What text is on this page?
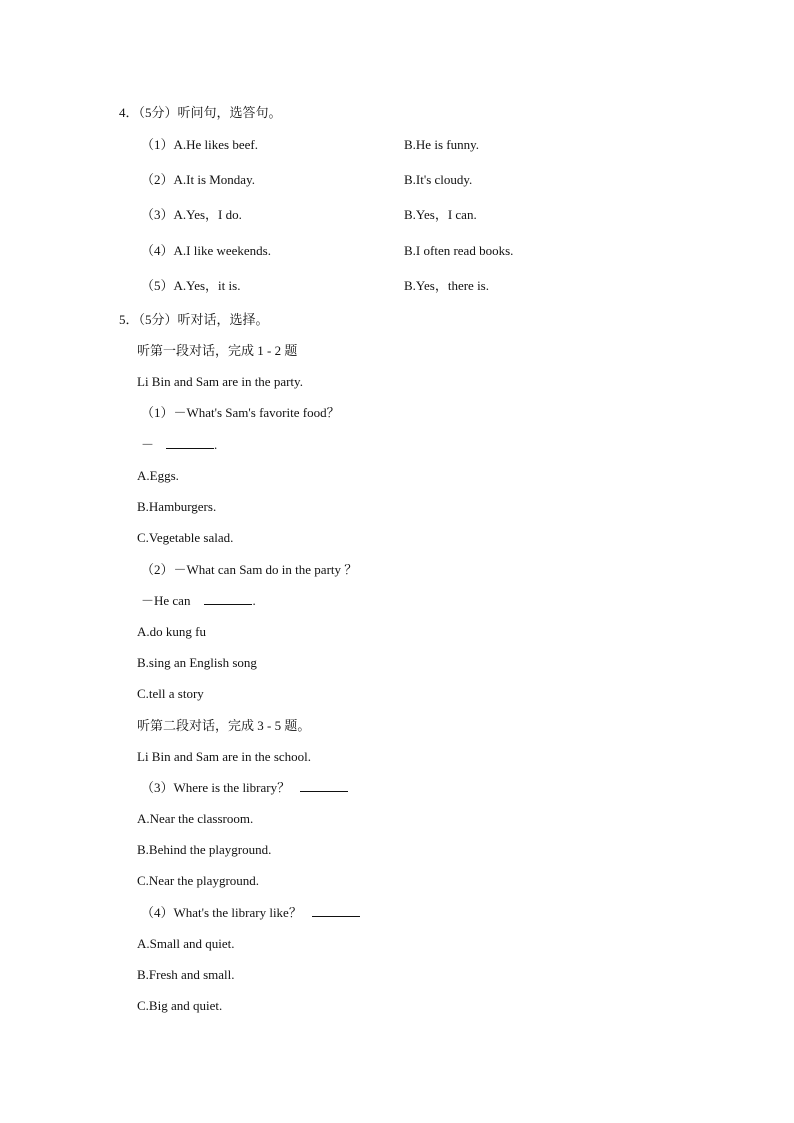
4．（5分）听问句，选答句。
（1）A.He likes beef.	B.He is funny.
（2）A.It is Monday.	B.It's cloudy.
（3）A.Yes，I do.	B.Yes，I can.
（4）A.I like weekends.	B.I often read books.
（5）A.Yes，it is.	B.Yes，there is.
5．（5分）听对话，选择。
听第一段对话，完成 1 - 2 题
Li Bin and Sam are in the party.
（1）－What's Sam's favorite food？
－	.
A.Eggs.
B.Hamburgers.
C.Vegetable salad.
（2）－What can Sam do in the party ？
－He can	.
A.do kung fu
B.sing an English song
C.tell a story
听第二段对话，完成 3 - 5 题。
Li Bin and Sam are in the school.
（3）Where is the library？
A.Near the classroom.
B.Behind the playground.
C.Near the playground.
（4）What's the library like？
A.Small and quiet.
B.Fresh and small.
C.Big and quiet.
